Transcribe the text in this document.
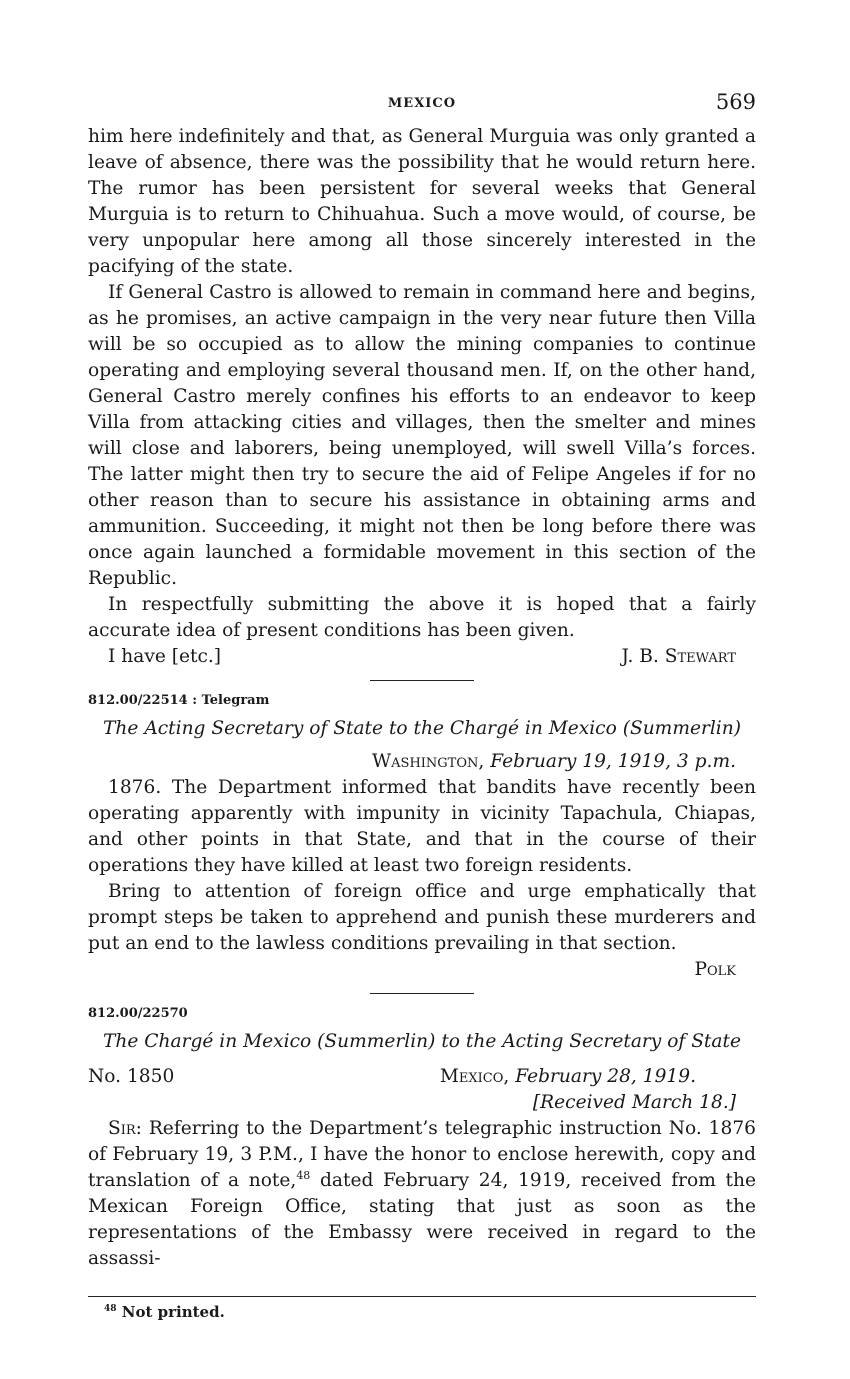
MEXICO	569

him here indefinitely and that, as General Murguia was only granted a leave of absence, there was the possibility that he would return here. The rumor has been persistent for several weeks that General Murguia is to return to Chihuahua. Such a move would, of course, be very unpopular here among all those sincerely interested in the pacifying of the state.

If General Castro is allowed to remain in command here and begins, as he promises, an active campaign in the very near future then Villa will be so occupied as to allow the mining companies to continue operating and employing several thousand men. If, on the other hand, General Castro merely confines his efforts to an endeavor to keep Villa from attacking cities and villages, then the smelter and mines will close and laborers, being unemployed, will swell Villa’s forces. The latter might then try to secure the aid of Felipe Angeles if for no other reason than to secure his assistance in obtaining arms and ammunition. Succeeding, it might not then be long before there was once again launched a formidable movement in this section of the Republic.

In respectfully submitting the above it is hoped that a fairly accurate idea of present conditions has been given.

I have [etc.]	J. B. Stewart
812.00/22514 : Telegram
The Acting Secretary of State to the Chargé in Mexico (Summerlin)
Washington, February 19, 1919, 3 p.m.

1876. The Department informed that bandits have recently been operating apparently with impunity in vicinity Tapachula, Chiapas, and other points in that State, and that in the course of their operations they have killed at least two foreign residents.

Bring to attention of foreign office and urge emphatically that prompt steps be taken to apprehend and punish these murderers and put an end to the lawless conditions prevailing in that section.

Polk
812.00/22570
The Chargé in Mexico (Summerlin) to the Acting Secretary of State
No. 1850	Mexico, February 28, 1919.
[Received March 18.]

Sir: Referring to the Department’s telegraphic instruction No. 1876 of February 19, 3 P.M., I have the honor to enclose herewith, copy and translation of a note,$^{48}$ dated February 24, 1919, received from the Mexican Foreign Office, stating that just as soon as the representations of the Embassy were received in regard to the assassi-

$^{48}$ Not printed.
